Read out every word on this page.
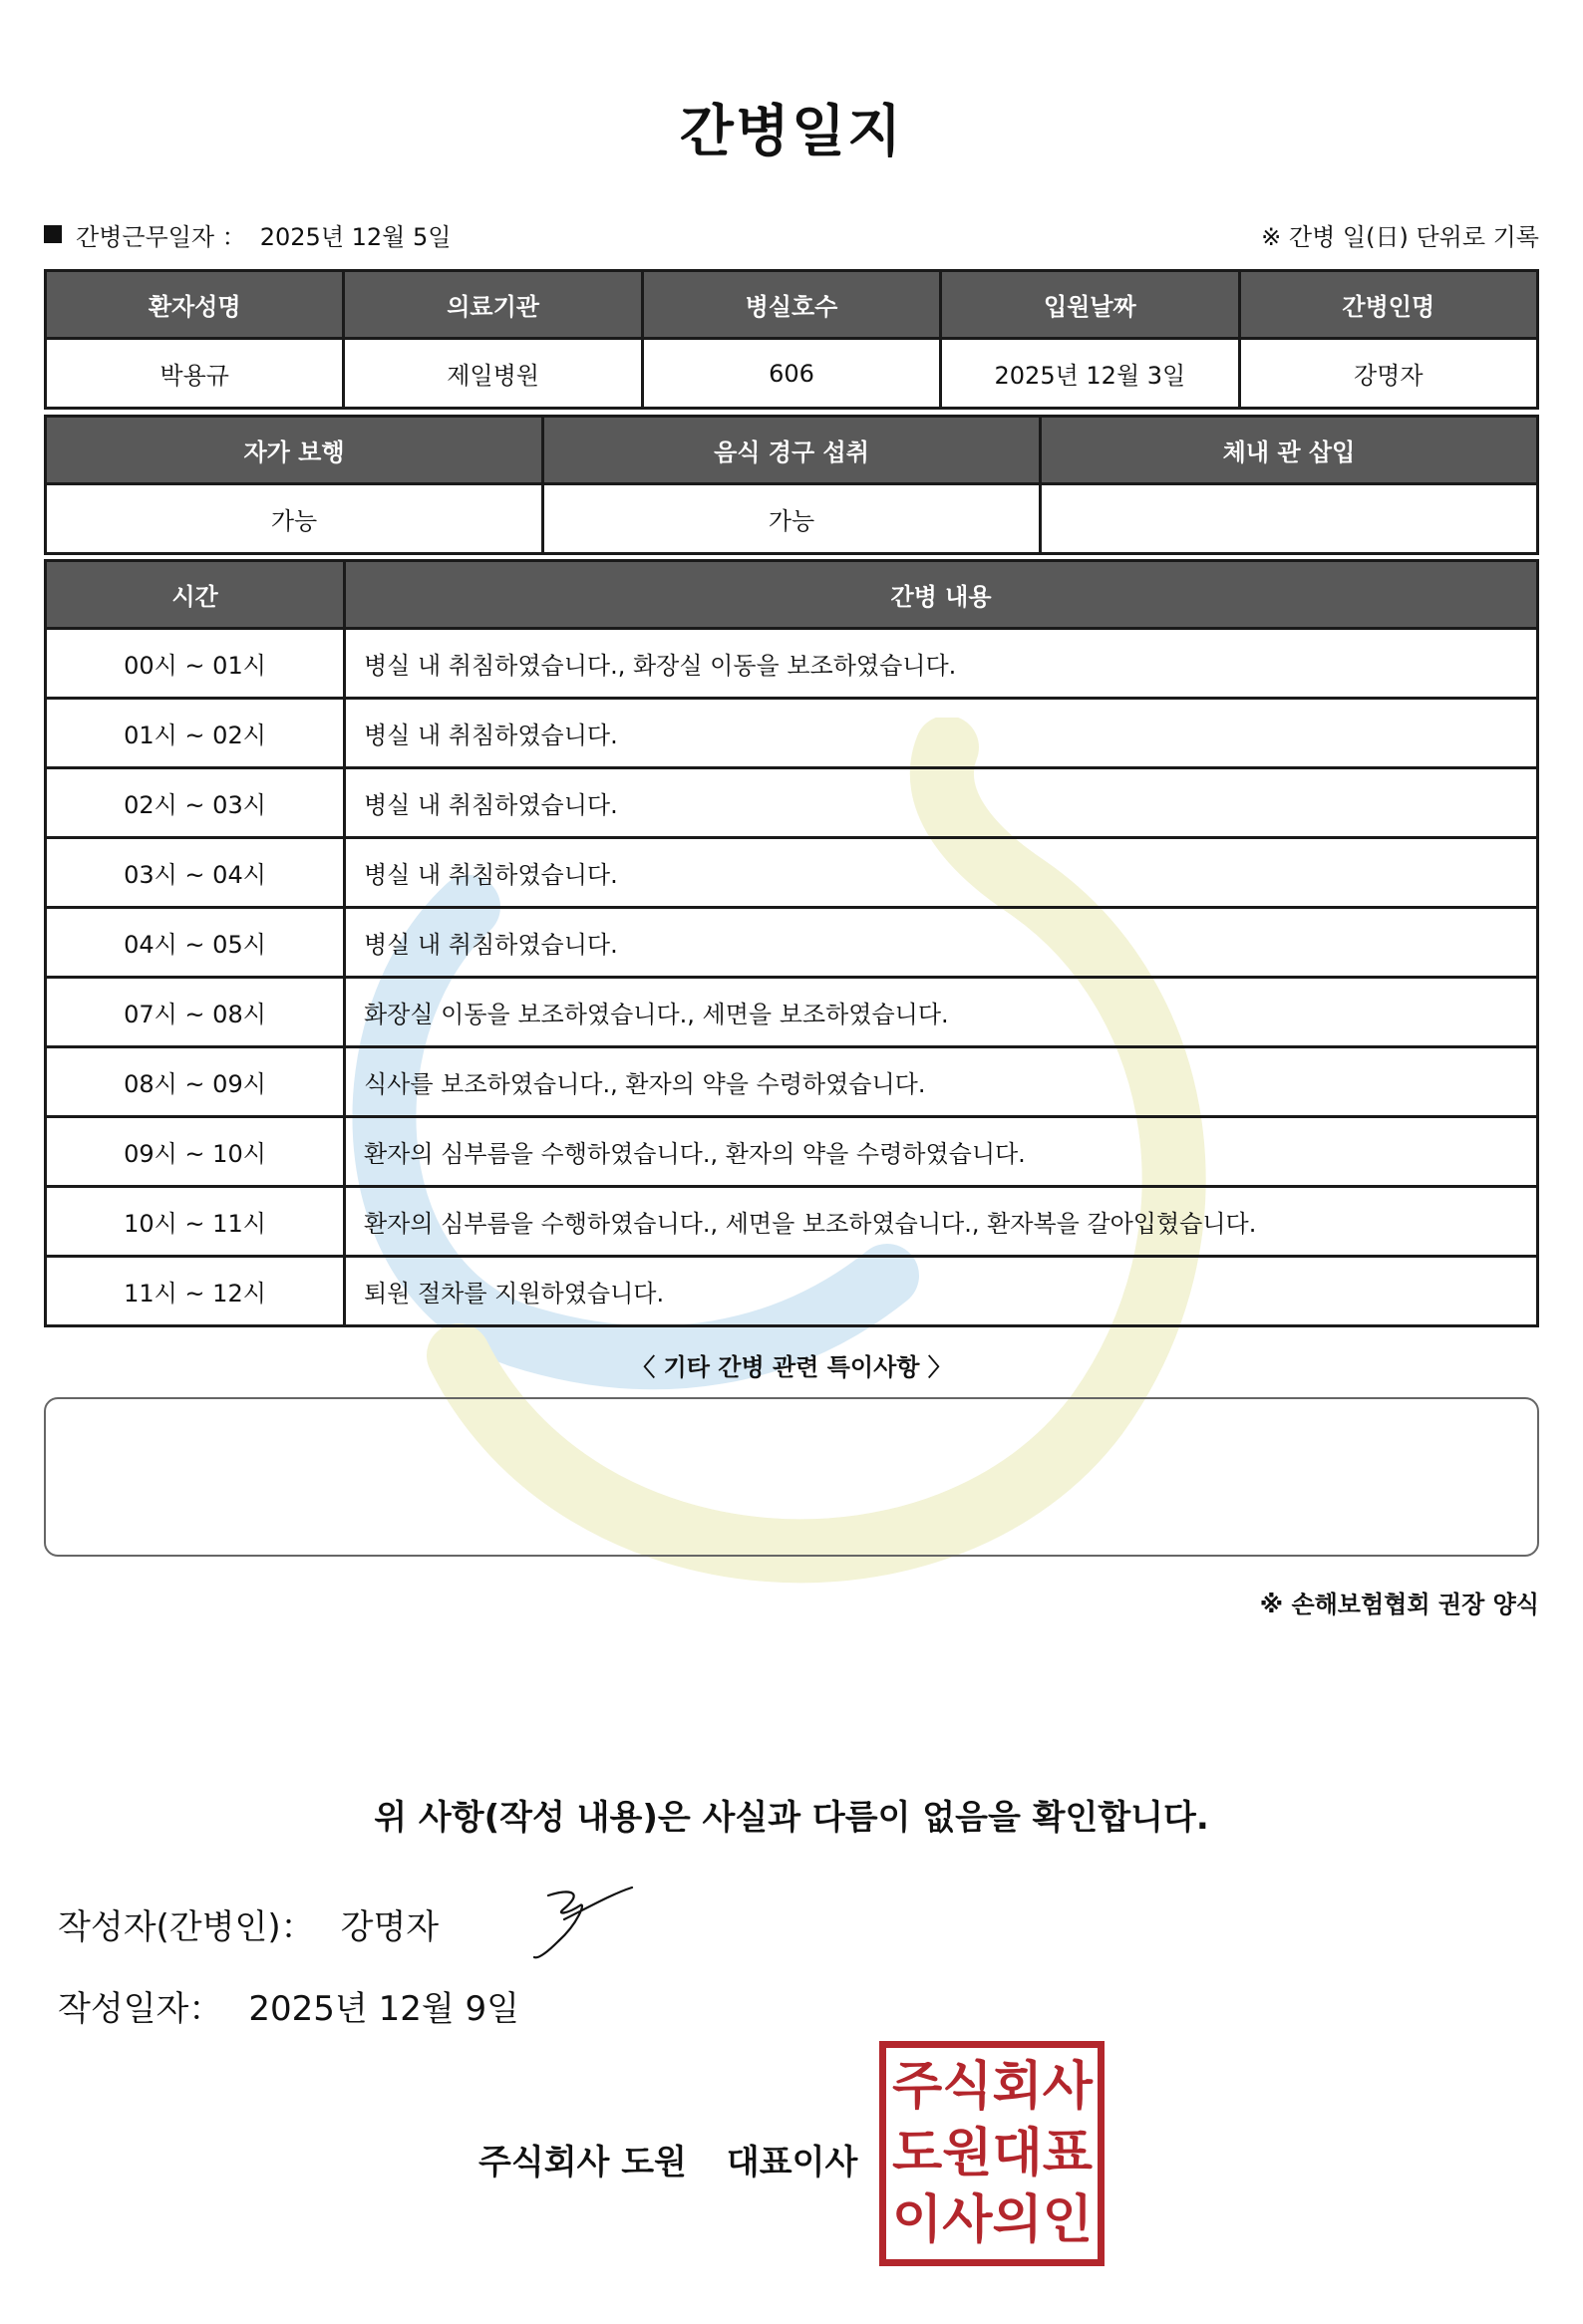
간병일지
간병근무일자 ： 2025년 12월 5일	※ 간병 일(日) 단위로 기록
환자성명	의료기관	병실호수	입원날짜	간병인명
박용규	제일병원	606	2025년 12월 3일	강명자
자가 보행	음식 경구 섭취	체내 관 삽입
가능	가능	
시간	간병 내용
00시 ~ 01시	병실 내 취침하였습니다., 화장실 이동을 보조하였습니다.
01시 ~ 02시	병실 내 취침하였습니다.
02시 ~ 03시	병실 내 취침하였습니다.
03시 ~ 04시	병실 내 취침하였습니다.
04시 ~ 05시	병실 내 취침하였습니다.
07시 ~ 08시	화장실 이동을 보조하였습니다., 세면을 보조하였습니다.
08시 ~ 09시	식사를 보조하였습니다., 환자의 약을 수령하였습니다.
09시 ~ 10시	환자의 심부름을 수행하였습니다., 환자의 약을 수령하였습니다.
10시 ~ 11시	환자의 심부름을 수행하였습니다., 세면을 보조하였습니다., 환자복을 갈아입혔습니다.
11시 ~ 12시	퇴원 절차를 지원하였습니다.
〈 기타 간병 관련 특이사항 〉
※ 손해보험협회 권장 양식
위 사항(작성 내용)은 사실과 다름이 없음을 확인합니다.
작성자(간병인)： 강명자
작성일자： 2025년 12월 9일
주식회사 도원 대표이사
주 식 회 사
도 원 대 표
이 사 의 인
